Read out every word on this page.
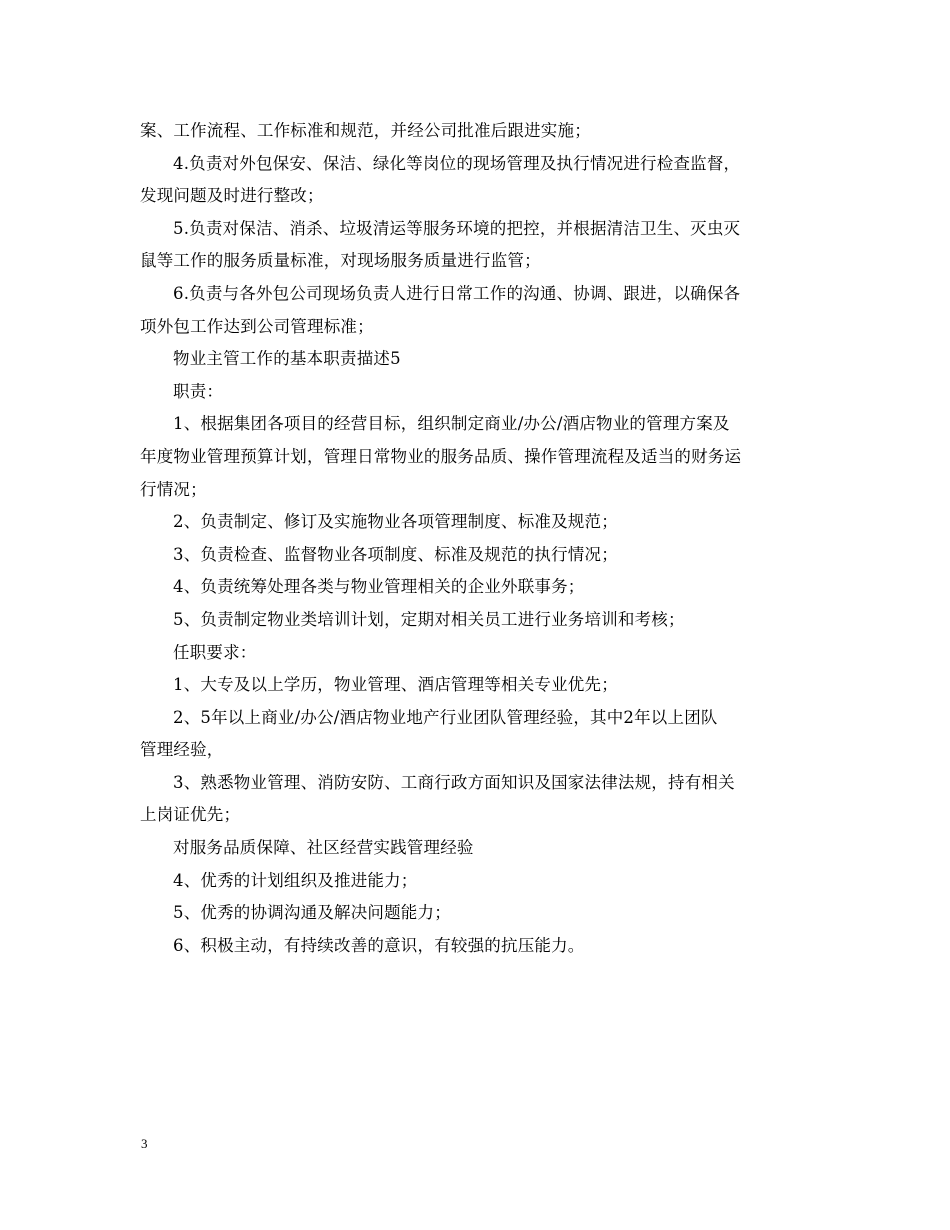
案、工作流程、工作标准和规范，并经公司批准后跟进实施；
4.负责对外包保安、保洁、绿化等岗位的现场管理及执行情况进行检查监督，
发现问题及时进行整改；
5.负责对保洁、消杀、垃圾清运等服务环境的把控，并根据清洁卫生、灭虫灭
鼠等工作的服务质量标准，对现场服务质量进行监管；
6.负责与各外包公司现场负责人进行日常工作的沟通、协调、跟进，以确保各
项外包工作达到公司管理标准；
物业主管工作的基本职责描述5
职责：
1、根据集团各项目的经营目标，组织制定商业/办公/酒店物业的管理方案及
年度物业管理预算计划，管理日常物业的服务品质、操作管理流程及适当的财务运
行情况；
2、负责制定、修订及实施物业各项管理制度、标准及规范；
3、负责检查、监督物业各项制度、标准及规范的执行情况；
4、负责统筹处理各类与物业管理相关的企业外联事务；
5、负责制定物业类培训计划，定期对相关员工进行业务培训和考核；
任职要求：
1、大专及以上学历，物业管理、酒店管理等相关专业优先；
2、5年以上商业/办公/酒店物业地产行业团队管理经验，其中2年以上团队
管理经验，
3、熟悉物业管理、消防安防、工商行政方面知识及国家法律法规，持有相关
上岗证优先；
对服务品质保障、社区经营实践管理经验
4、优秀的计划组织及推进能力；
5、优秀的协调沟通及解决问题能力；
6、积极主动，有持续改善的意识，有较强的抗压能力。
3
